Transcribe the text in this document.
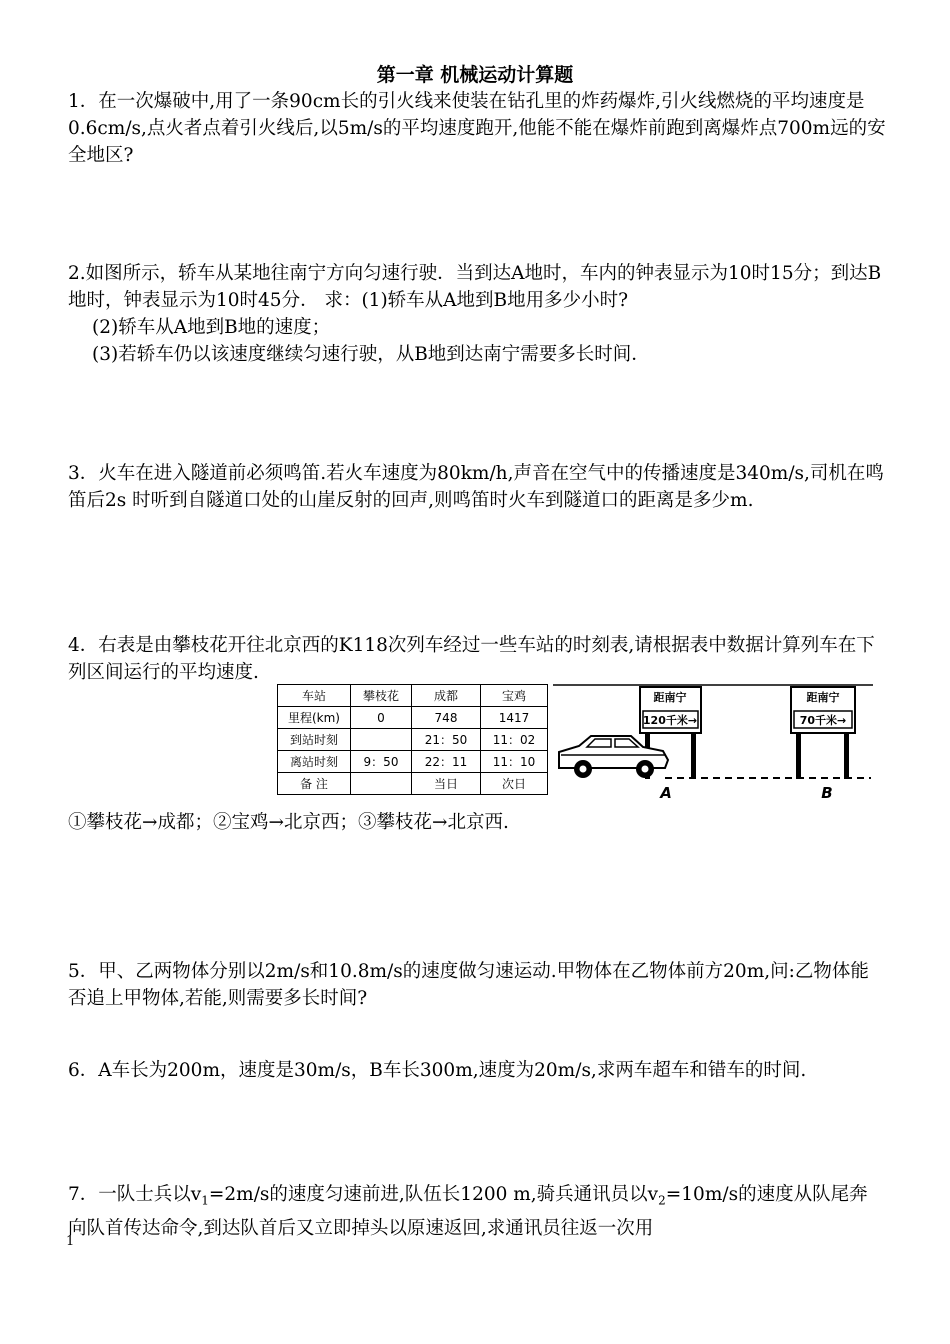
第一章 机械运动计算题

1．在一次爆破中,用了一条90cm长的引火线来使装在钻孔里的炸药爆炸,引火线燃烧的平均速度是0.6cm/s,点火者点着引火线后,以5m/s的平均速度跑开,他能不能在爆炸前跑到离爆炸点700m远的安全地区?

2.如图所示，轿车从某地往南宁方向匀速行驶．当到达A地时，车内的钟表显示为10时15分；到达B地时，钟表显示为10时45分． 求：(1)轿车从A地到B地用多少小时?

(2)轿车从A地到B地的速度；

(3)若轿车仍以该速度继续匀速行驶，从B地到达南宁需要多长时间．

3．火车在进入隧道前必须鸣笛.若火车速度为80km/h,声音在空气中的传播速度是340m/s,司机在鸣笛后2s 时听到自隧道口处的山崖反射的回声,则鸣笛时火车到隧道口的距离是多少m.

4．右表是由攀枝花开往北京西的K118次列车经过一些车站的时刻表,请根据表中数据计算列车在下列区间运行的平均速度.

车站	攀枝花	成都	宝鸡
里程(km)	0	748	1417
到站时刻		21：50	11：02
离站时刻	9：50	22：11	11：10
备 注		当日	次日
距南宁
120千米→
距南宁
70千米→
A	B
①攀枝花→成都；②宝鸡→北京西；③攀枝花→北京西.

5．甲、乙两物体分别以2m/s和10.8m/s的速度做匀速运动.甲物体在乙物体前方20m,问:乙物体能否追上甲物体,若能,则需要多长时间?

6．A车长为200m，速度是30m/s，B车长300m,速度为20m/s,求两车超车和错车的时间.

7．一队士兵以$v_1=2m/s$的速度匀速前进,队伍长1200 m,骑兵通讯员以$v_2=10m/s$的速度从队尾奔向队首传达命令,到达队首后又立即掉头以原速返回,求通讯员往返一次用

1
